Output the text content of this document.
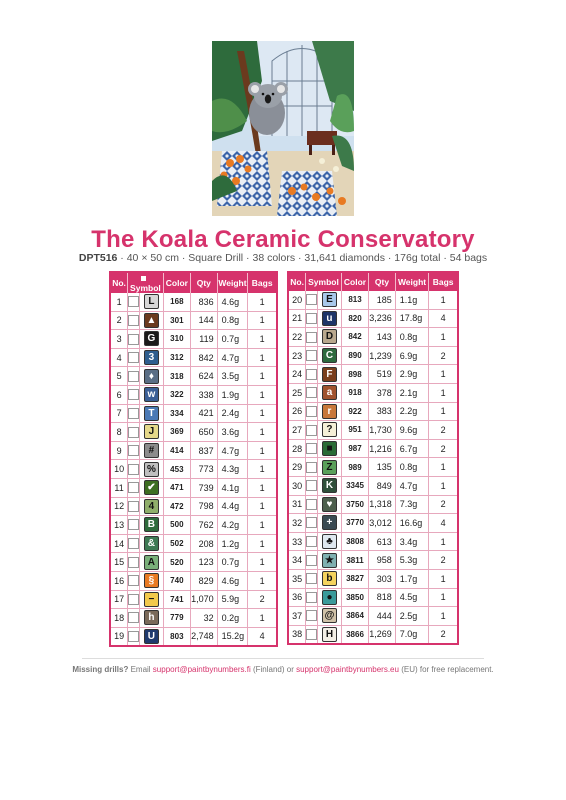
The Koala Ceramic Conservatory
DPT516 · 40 × 50 cm · Square Drill · 38 colors · 31,641 diamonds · 176g total · 54 bags
No.	Symbol		Color	Qty	Weight	Bags
1		L	168	836	4.6g	1
2		▲	301	144	0.8g	1
3		G	310	119	0.7g	1
4		3	312	842	4.7g	1
5		♦	318	624	3.5g	1
6		w	322	338	1.9g	1
7		T	334	421	2.4g	1
8		J	369	650	3.6g	1
9		#	414	837	4.7g	1
10		%	453	773	4.3g	1
11		✔	471	739	4.1g	1
12		4	472	798	4.4g	1
13		B	500	762	4.2g	1
14		&	502	208	1.2g	1
15		A	520	123	0.7g	1
16		§	740	829	4.6g	1
17		−	741	1,070	5.9g	2
18		h	779	32	0.2g	1
19		U	803	2,748	15.2g	4
No.	Symbol		Color	Qty	Weight	Bags
20		E	813	185	1.1g	1
21		u	820	3,236	17.8g	4
22		D	842	143	0.8g	1
23		C	890	1,239	6.9g	2
24		F	898	519	2.9g	1
25		a	918	378	2.1g	1
26		r	922	383	2.2g	1
27		?	951	1,730	9.6g	2
28		■	987	1,216	6.7g	2
29		Z	989	135	0.8g	1
30		K	3345	849	4.7g	1
31		♥	3750	1,318	7.3g	2
32		+	3770	3,012	16.6g	4
33		♣	3808	613	3.4g	1
34		★	3811	958	5.3g	2
35		b	3827	303	1.7g	1
36		●	3850	818	4.5g	1
37		@	3864	444	2.5g	1
38		H	3866	1,269	7.0g	2
Missing drills? Email support@paintbynumbers.fi (Finland) or support@paintbynumbers.eu (EU) for free replacement.
